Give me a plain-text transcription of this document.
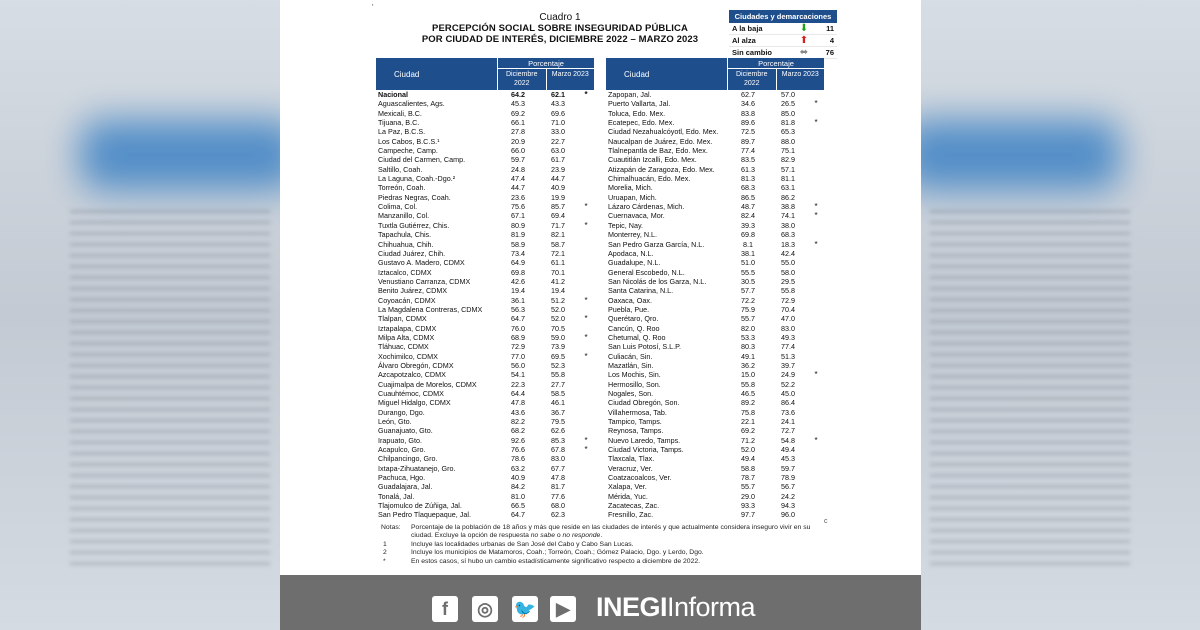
'
Cuadro 1
PERCEPCIÓN SOCIAL SOBRE INSEGURIDAD PÚBLICA
POR CIUDAD DE INTERÉS, DICIEMBRE 2022 – MARZO 2023
Ciudades y demarcaciones
A la baja	⬇	11
Al alza	⬆	4
Sin cambio	⬌	76
Ciudad
Porcentaje
Diciembre 2022
Marzo 2023
Nacional	64.2	62.1	*
Aguascalientes, Ags.	45.3	43.3
Mexicali, B.C.	69.2	69.6
Tijuana, B.C.	66.1	71.0
La Paz, B.C.S.	27.8	33.0
Los Cabos, B.C.S.¹	20.9	22.7
Campeche, Camp.	66.0	63.0
Ciudad del Carmen, Camp.	59.7	61.7
Saltillo, Coah.	24.8	23.9
La Laguna, Coah.-Dgo.²	47.4	44.7
Torreón, Coah.	44.7	40.9
Piedras Negras, Coah.	23.6	19.9
Colima, Col.	75.6	85.7	*
Manzanillo, Col.	67.1	69.4
Tuxtla Gutiérrez, Chis.	80.9	71.7	*
Tapachula, Chis.	81.9	82.1
Chihuahua, Chih.	58.9	58.7
Ciudad Juárez, Chih.	73.4	72.1
Gustavo A. Madero, CDMX	64.9	61.1
Iztacalco, CDMX	69.8	70.1
Venustiano Carranza, CDMX	42.6	41.2
Benito Juárez, CDMX	19.4	19.4
Coyoacán, CDMX	36.1	51.2	*
La Magdalena Contreras, CDMX	56.3	52.0
Tlalpan, CDMX	64.7	52.0	*
Iztapalapa, CDMX	76.0	70.5
Milpa Alta, CDMX	68.9	59.0	*
Tláhuac, CDMX	72.9	73.9
Xochimilco, CDMX	77.0	69.5	*
Álvaro Obregón, CDMX	56.0	52.3
Azcapotzalco, CDMX	54.1	55.8
Cuajimalpa de Morelos, CDMX	22.3	27.7
Cuauhtémoc, CDMX	64.4	58.5
Miguel Hidalgo, CDMX	47.8	46.1
Durango, Dgo.	43.6	36.7
León, Gto.	82.2	79.5
Guanajuato, Gto.	68.2	62.6
Irapuato, Gto.	92.6	85.3	*
Acapulco, Gro.	76.6	67.8	*
Chilpancingo, Gro.	78.6	83.0
Ixtapa-Zihuatanejo, Gro.	63.2	67.7
Pachuca, Hgo.	40.9	47.8
Guadalajara, Jal.	84.2	81.7
Tonalá, Jal.	81.0	77.6
Tlajomulco de Zúñiga, Jal.	66.5	68.0
San Pedro Tlaquepaque, Jal.	64.7	62.3
Ciudad
Porcentaje
Diciembre 2022
Marzo 2023
Zapopan, Jal.	62.7	57.0
Puerto Vallarta, Jal.	34.6	26.5	*
Toluca, Edo. Mex.	83.8	85.0
Ecatepec, Edo. Mex.	89.6	81.8	*
Ciudad Nezahualcóyotl, Edo. Mex.	72.5	65.3
Naucalpan de Juárez, Edo. Mex.	89.7	88.0
Tlalnepantla de Baz, Edo. Mex.	77.4	75.1
Cuautitlán Izcalli, Edo. Mex.	83.5	82.9
Atizapán de Zaragoza, Edo. Mex.	61.3	57.1
Chimalhuacán, Edo. Mex.	81.3	81.1
Morelia, Mich.	68.3	63.1
Uruapan, Mich.	86.5	86.2
Lázaro Cárdenas, Mich.	48.7	38.8	*
Cuernavaca, Mor.	82.4	74.1	*
Tepic, Nay.	39.3	38.0
Monterrey, N.L.	69.8	68.3
San Pedro Garza García, N.L.	8.1	18.3	*
Apodaca, N.L.	38.1	42.4
Guadalupe, N.L.	51.0	55.0
General Escobedo, N.L.	55.5	58.0
San Nicolás de los Garza, N.L.	30.5	29.5
Santa Catarina, N.L.	57.7	55.8
Oaxaca, Oax.	72.2	72.9
Puebla, Pue.	75.9	70.4
Querétaro, Qro.	55.7	47.0
Cancún, Q. Roo	82.0	83.0
Chetumal, Q. Roo	53.3	49.3
San Luis Potosí, S.L.P.	80.3	77.4
Culiacán, Sin.	49.1	51.3
Mazatlán, Sin.	36.2	39.7
Los Mochis, Sin.	15.0	24.9	*
Hermosillo, Son.	55.8	52.2
Nogales, Son.	46.5	45.0
Ciudad Obregón, Son.	89.2	86.4
Villahermosa, Tab.	75.8	73.6
Tampico, Tamps.	22.1	24.1
Reynosa, Tamps.	69.2	72.7
Nuevo Laredo, Tamps.	71.2	54.8	*
Ciudad Victoria, Tamps.	52.0	49.4
Tlaxcala, Tlax.	49.4	45.3
Veracruz, Ver.	58.8	59.7
Coatzacoalcos, Ver.	78.7	78.9
Xalapa, Ver.	55.7	56.7
Mérida, Yuc.	29.0	24.2
Zacatecas, Zac.	93.3	94.3
Fresnillo, Zac.	97.7	96.0
c
Notas:	Porcentaje de la población de 18 años y más que reside en las ciudades de interés y que actualmente considera inseguro vivir en su ciudad. Excluye la opción de respuesta no sabe o no responde.
1	Incluye las localidades urbanas de San José del Cabo y Cabo San Lucas.
2	Incluye los municipios de Matamoros, Coah.; Torreón, Coah.; Gómez Palacio, Dgo. y Lerdo, Dgo.
*	En estos casos, sí hubo un cambio estadísticamente significativo respecto a diciembre de 2022.
f	◎ 🐦	▶ INEGIInforma
